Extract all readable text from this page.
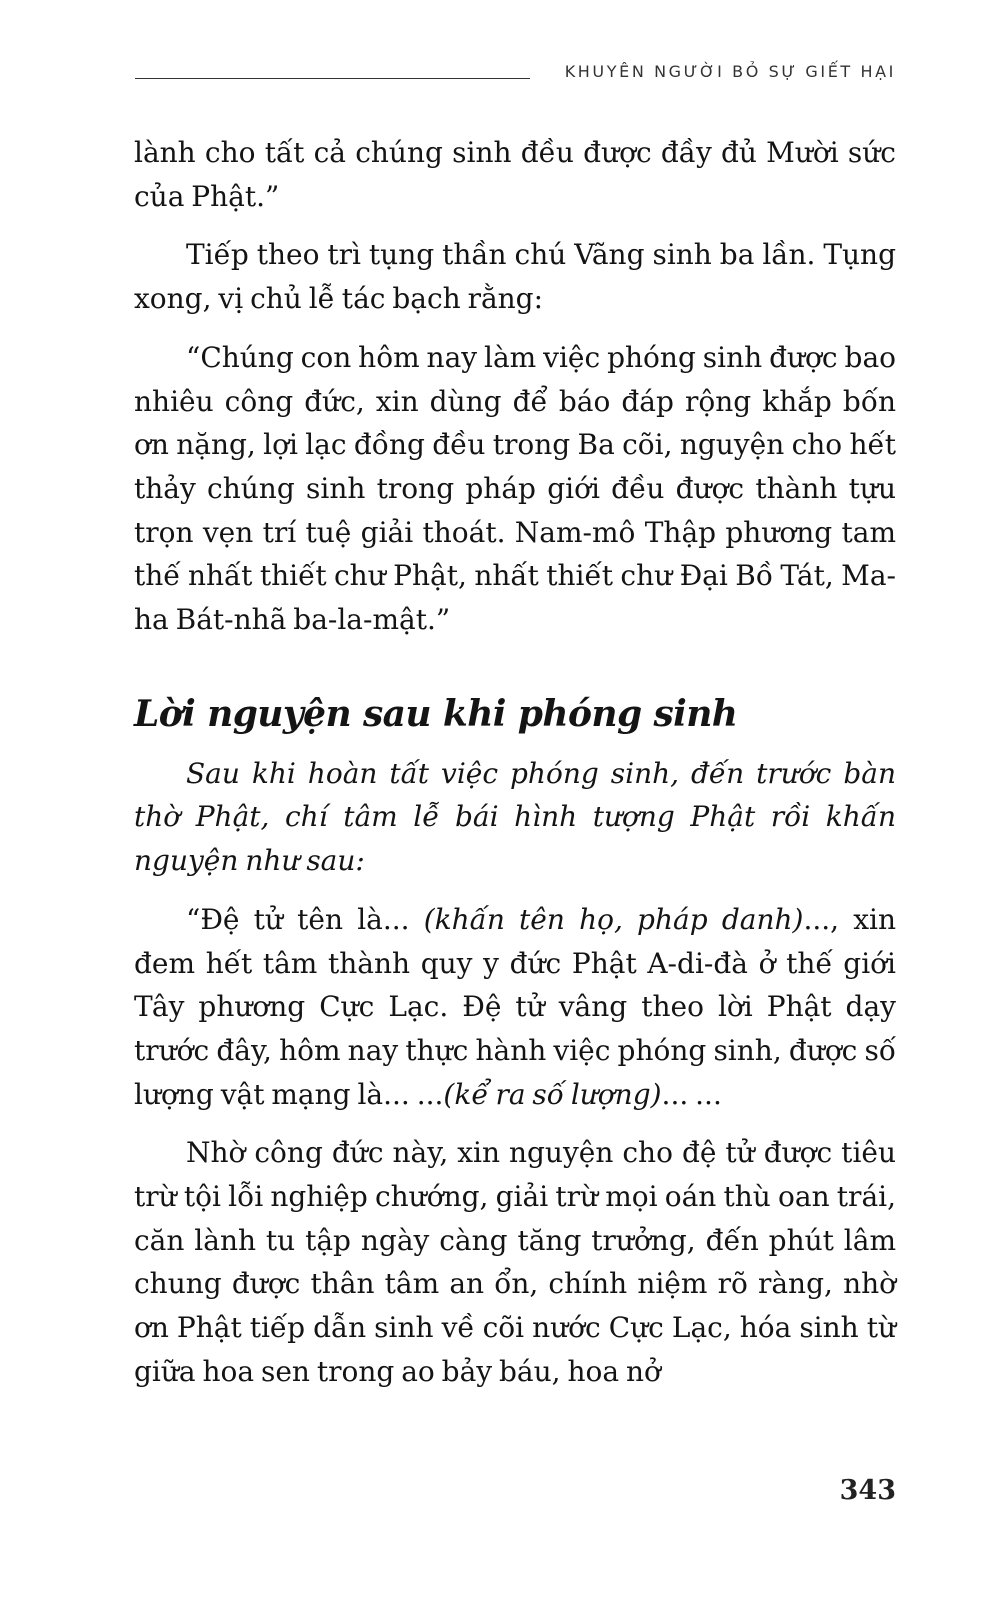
KHUYÊN NGƯỜI BỎ SỰ GIẾT HẠI

lành cho tất cả chúng sinh đều được đầy đủ Mười sức của Phật.”

Tiếp theo trì tụng thần chú Vãng sinh ba lần. Tụng xong, vị chủ lễ tác bạch rằng:

“Chúng con hôm nay làm việc phóng sinh được bao nhiêu công đức, xin dùng để báo đáp rộng khắp bốn ơn nặng, lợi lạc đồng đều trong Ba cõi, nguyện cho hết thảy chúng sinh trong pháp giới đều được thành tựu trọn vẹn trí tuệ giải thoát. Nam-mô Thập phương tam thế nhất thiết chư Phật, nhất thiết chư Đại Bồ Tát, Ma-ha Bát-nhã ba-la-mật.”

Lời nguyện sau khi phóng sinh

Sau khi hoàn tất việc phóng sinh, đến trước bàn thờ Phật, chí tâm lễ bái hình tượng Phật rồi khấn nguyện như sau:

“Đệ tử tên là... (khấn tên họ, pháp danh)..., xin đem hết tâm thành quy y đức Phật A-di-đà ở thế giới Tây phương Cực Lạc. Đệ tử vâng theo lời Phật dạy trước đây, hôm nay thực hành việc phóng sinh, được số lượng vật mạng là... ...(kể ra số lượng)... ...

Nhờ công đức này, xin nguyện cho đệ tử được tiêu trừ tội lỗi nghiệp chướng, giải trừ mọi oán thù oan trái, căn lành tu tập ngày càng tăng trưởng, đến phút lâm chung được thân tâm an ổn, chính niệm rõ ràng, nhờ ơn Phật tiếp dẫn sinh về cõi nước Cực Lạc, hóa sinh từ giữa hoa sen trong ao bảy báu, hoa nở

343
